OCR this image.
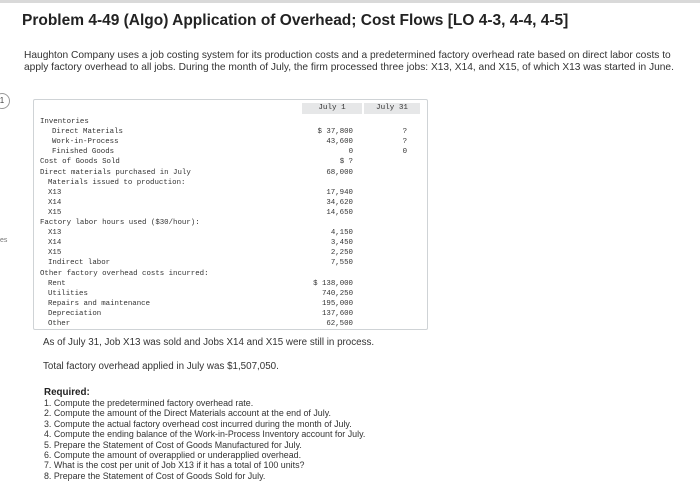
Problem 4-49 (Algo) Application of Overhead; Cost Flows [LO 4-3, 4-4, 4-5]

Haughton Company uses a job costing system for its production costs and a predetermined factory overhead rate based on direct labor costs to apply factory overhead to all jobs. During the month of July, the firm processed three jobs: X13, X14, and X15, of which X13 was started in June.

1
es
July 1	July 31
Inventories
Direct Materials	$ 37,800	?
Work-in-Process	43,600	?
Finished Goods	0	0
Cost of Goods Sold	$ ?
Direct materials purchased in July	68,000
Materials issued to production:
X13	17,940
X14	34,620
X15	14,650
Factory labor hours used ($30/hour):
X13	4,150
X14	3,450
X15	2,250
Indirect labor	7,550
Other factory overhead costs incurred:
Rent	$ 138,000
Utilities	740,250
Repairs and maintenance	195,000
Depreciation	137,600
Other	62,500

As of July 31, Job X13 was sold and Jobs X14 and X15 were still in process.

Total factory overhead applied in July was $1,507,050.

Required:
1. Compute the predetermined factory overhead rate.
2. Compute the amount of the Direct Materials account at the end of July.
3. Compute the actual factory overhead cost incurred during the month of July.
4. Compute the ending balance of the Work-in-Process Inventory account for July.
5. Prepare the Statement of Cost of Goods Manufactured for July.
6. Compute the amount of overapplied or underapplied overhead.
7. What is the cost per unit of Job X13 if it has a total of 100 units?
8. Prepare the Statement of Cost of Goods Sold for July.
